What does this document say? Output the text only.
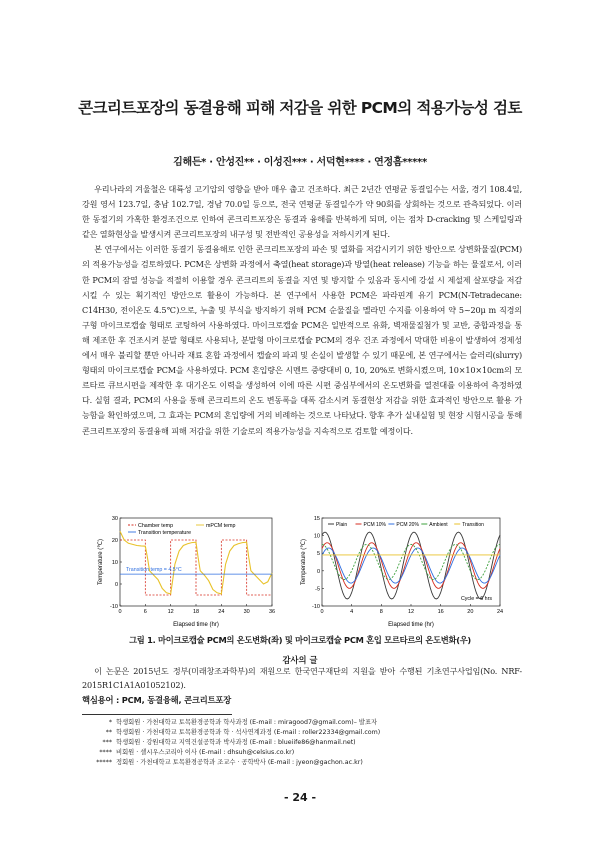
콘크리트포장의 동결융해 피해 저감을 위한 PCM의 적용가능성 검토
김해든* · 안성진** · 이성진*** · 서덕현**** · 연정흠*****

우리나라의 겨울철은 대륙성 고기압의 영향을 받아 매우 춥고 건조하다. 최근 2년간 연평균 동결일수는 서울, 경기 108.4일, 강원 영서 123.7일, 충남 102.7일, 경남 70.0일 등으로, 전국 연평균 동결일수가 약 90회를 상회하는 것으로 관측되었다. 이러한 동절기의 가혹한 환경조건으로 인하여 콘크리트포장은 동결과 융해를 반복하게 되며, 이는 점차 D-cracking 및 스케일링과 같은 열화현상을 발생시켜 콘크리트포장의 내구성 및 전반적인 공용성을 저하시키게 된다.

본 연구에서는 이러한 동결기 동결융해로 인한 콘크리트포장의 파손 및 열화를 저감시키기 위한 방안으로 상변화물질(PCM)의 적용가능성을 검토하였다. PCM은 상변화 과정에서 축열(heat storage)과 방열(heat release) 기능을 하는 물질로서, 이러한 PCM의 잠열 성능을 적절히 이용할 경우 콘크리트의 동결을 지연 및 방지할 수 있음과 동시에 강설 시 제설제 살포량을 저감시킬 수 있는 획기적인 방안으로 활용이 가능하다. 본 연구에서 사용한 PCM은 파라핀계 유기 PCM(N-Tetradecane: C14H30, 전이온도 4.5℃)으로, 누출 및 부식을 방지하기 위해 PCM 순물질을 멜라민 수지를 이용하여 약 5~20μ m 직경의 구형 마이크로캡슐 형태로 코팅하여 사용하였다. 마이크로캡슐 PCM은 일반적으로 유화, 벽재물질첨가 및 교반, 중합과정을 통해 제조한 후 건조시켜 분말 형태로 사용되나, 분말형 마이크로캡슐 PCM의 경우 건조 과정에서 막대한 비용이 발생하여 경제성에서 매우 불리할 뿐만 아니라 재료 혼합 과정에서 캡슐의 파괴 및 손실이 발생할 수 있기 때문에, 본 연구에서는 슬러리(slurry) 형태의 마이크로캡슐 PCM을 사용하였다. PCM 혼입량은 시멘트 중량대비 0, 10, 20%로 변화시켰으며, 10×10×10cm의 모르타르 큐브시편을 제작한 후 대기온도 이력을 생성하여 이에 따른 시편 중심부에서의 온도변화를 열전대를 이용하여 측정하였다. 실험 결과, PCM의 사용을 통해 콘크리트의 온도 변동폭을 대폭 감소시켜 동결현상 저감을 위한 효과적인 방안으로 활용 가능함을 확인하였으며, 그 효과는 PCM의 혼입량에 거의 비례하는 것으로 나타났다. 향후 추가 실내실험 및 현장 시험시공을 통해 콘크리트포장의 동결융해 피해 저감을 위한 기술로의 적용가능성을 지속적으로 검토할 예정이다.

0	6	12	18	24	30	36
-10
0
10
20
30
Chamber temp	mPCM temp
Transition temperature
Transition temp = 4.5°C
Elapsed time (hr)
Temperature (℃)
0	4	8	12	16	20	24
-10
-5
0
5
10
15
Plain	PCM 10% PCM 20% Ambient	Transition
Cycle = 6 hrs
Elapsed time (hr)
Temperature (℃)
그림 1. 마이크로캡슐 PCM의 온도변화(좌) 및 마이크로캡슐 PCM 혼입 모르타르의 온도변화(우)
감사의 글
이 논문은 2015년도 정부(미래창조과학부)의 재원으로 한국연구재단의 지원을 받아 수행된 기초연구사업임(No. NRF-2015R1C1A1A01052102).
핵심용어 : PCM, 동결융해, 콘크리트포장
* 학생회원 · 가천대학교 토목환경공학과 학사과정 (E-mail : miragood7@gmail.com)– 발표자
** 학생회원 · 가천대학교 토목환경공학과 학 · 석사연계과정 (E-mail : roller22334@gmail.com)
*** 학생회원 · 강원대학교 지역건설공학과 박사과정 (E-mail : blueiife86@hanmail.net)
**** 비회원 · 셀시우스코리아 이사 (E-mail : dhsuh@celsius.co.kr)
***** 정회원 · 가천대학교 토목환경공학과 조교수 · 공학박사 (E-mail : jyeon@gachon.ac.kr)
- 24 -
